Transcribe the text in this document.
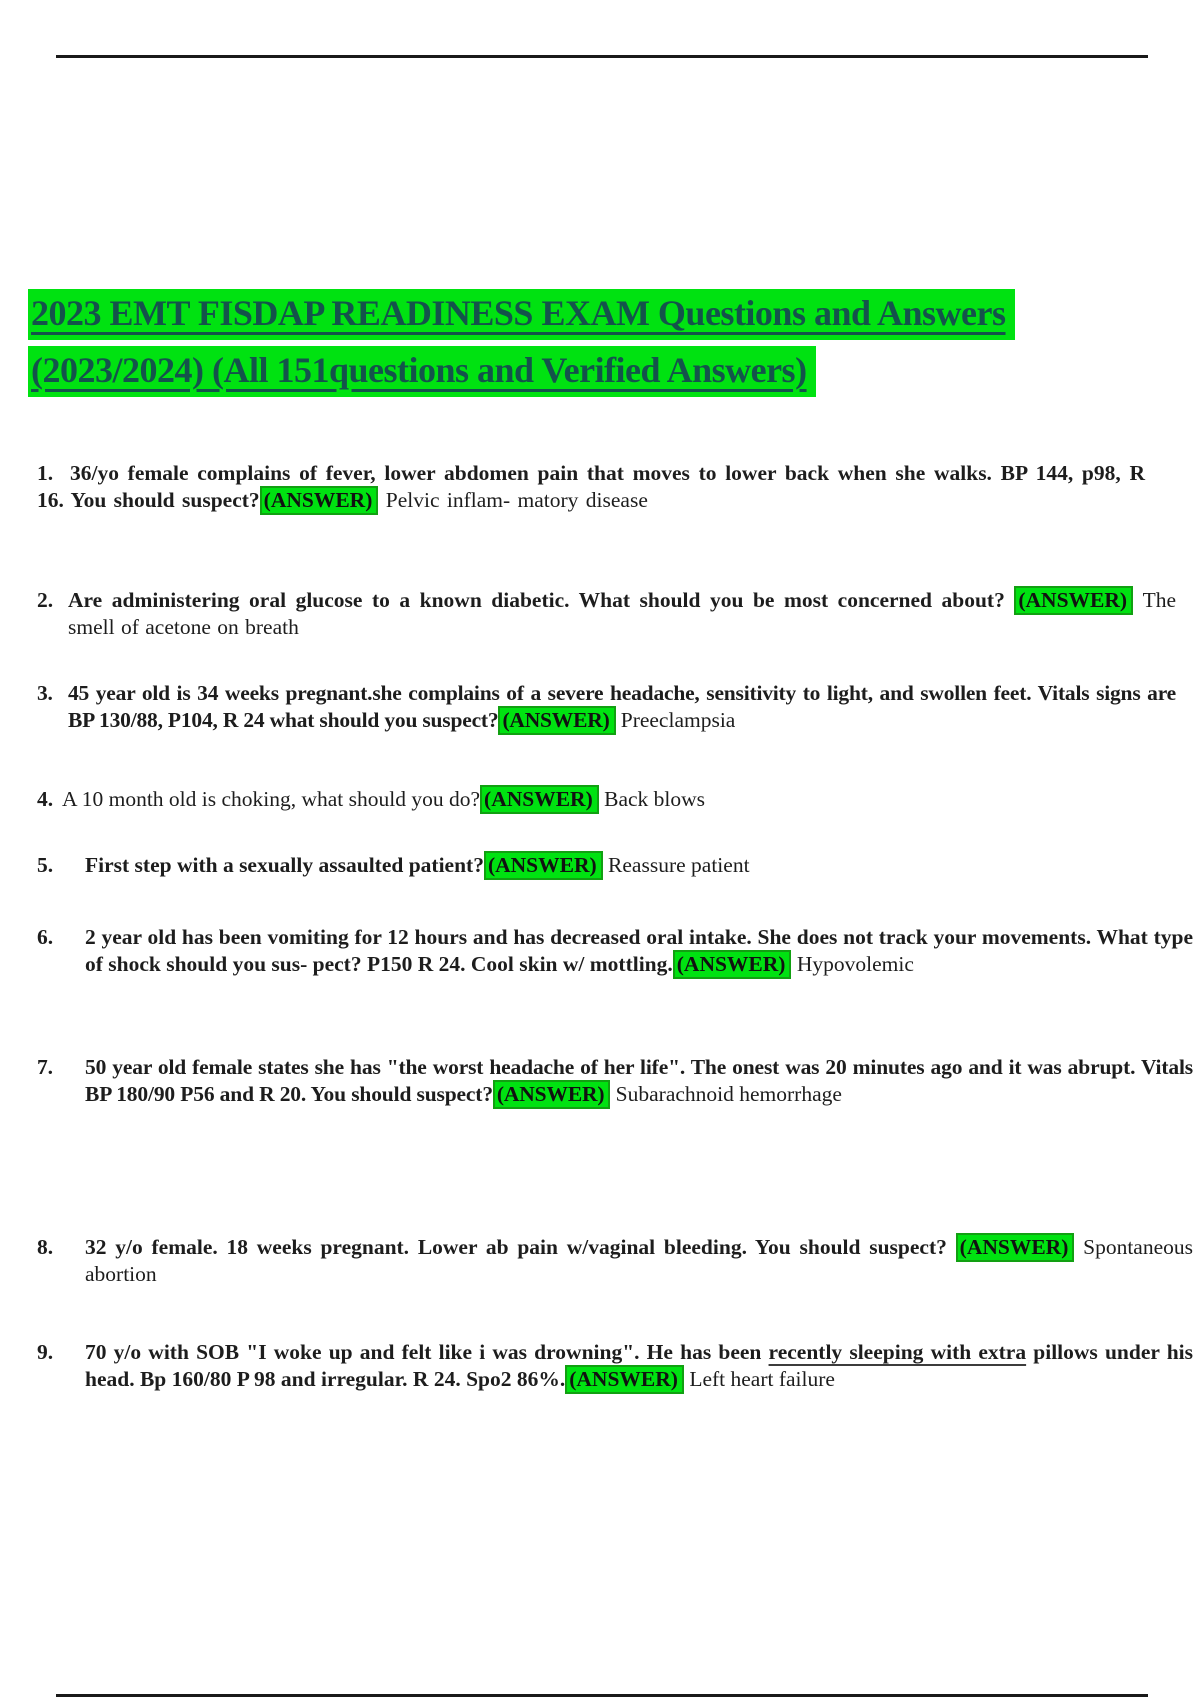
2023 EMT FISDAP READINESS EXAM Questions and Answers
(2023/2024) (All 151questions and Verified Answers)
1. 36/yo female complains of fever, lower abdomen pain that moves to lower back when she walks. BP 144, p98, R 16. You should suspect? (ANSWER) Pelvic inflam- matory disease
2. Are administering oral glucose to a known diabetic. What should you be most concerned about? (ANSWER) The smell of acetone on breath
3. 45 year old is 34 weeks pregnant.she complains of a severe headache, sensitivity to light, and swollen feet. Vitals signs are BP 130/88, P104, R 24 what should you suspect? (ANSWER) Preeclampsia
4. A 10 month old is choking, what should you do? (ANSWER) Back blows
5. First step with a sexually assaulted patient? (ANSWER) Reassure patient
6. 2 year old has been vomiting for 12 hours and has decreased oral intake. She does not track your movements. What type of shock should you sus- pect? P150 R 24. Cool skin w/ mottling. (ANSWER) Hypovolemic
7. 50 year old female states she has "the worst headache of her life". The onest was 20 minutes ago and it was abrupt. Vitals BP 180/90 P56 and R 20. You should suspect? (ANSWER) Subarachnoid hemorrhage
8. 32 y/o female. 18 weeks pregnant. Lower ab pain w/vaginal bleeding. You should suspect? (ANSWER) Spontaneous abortion
9. 70 y/o with SOB "I woke up and felt like i was drowning". He has been recently sleeping with extra pillows under his head. Bp 160/80 P 98 and irregular. R 24. Spo2 86%. (ANSWER) Left heart failure
